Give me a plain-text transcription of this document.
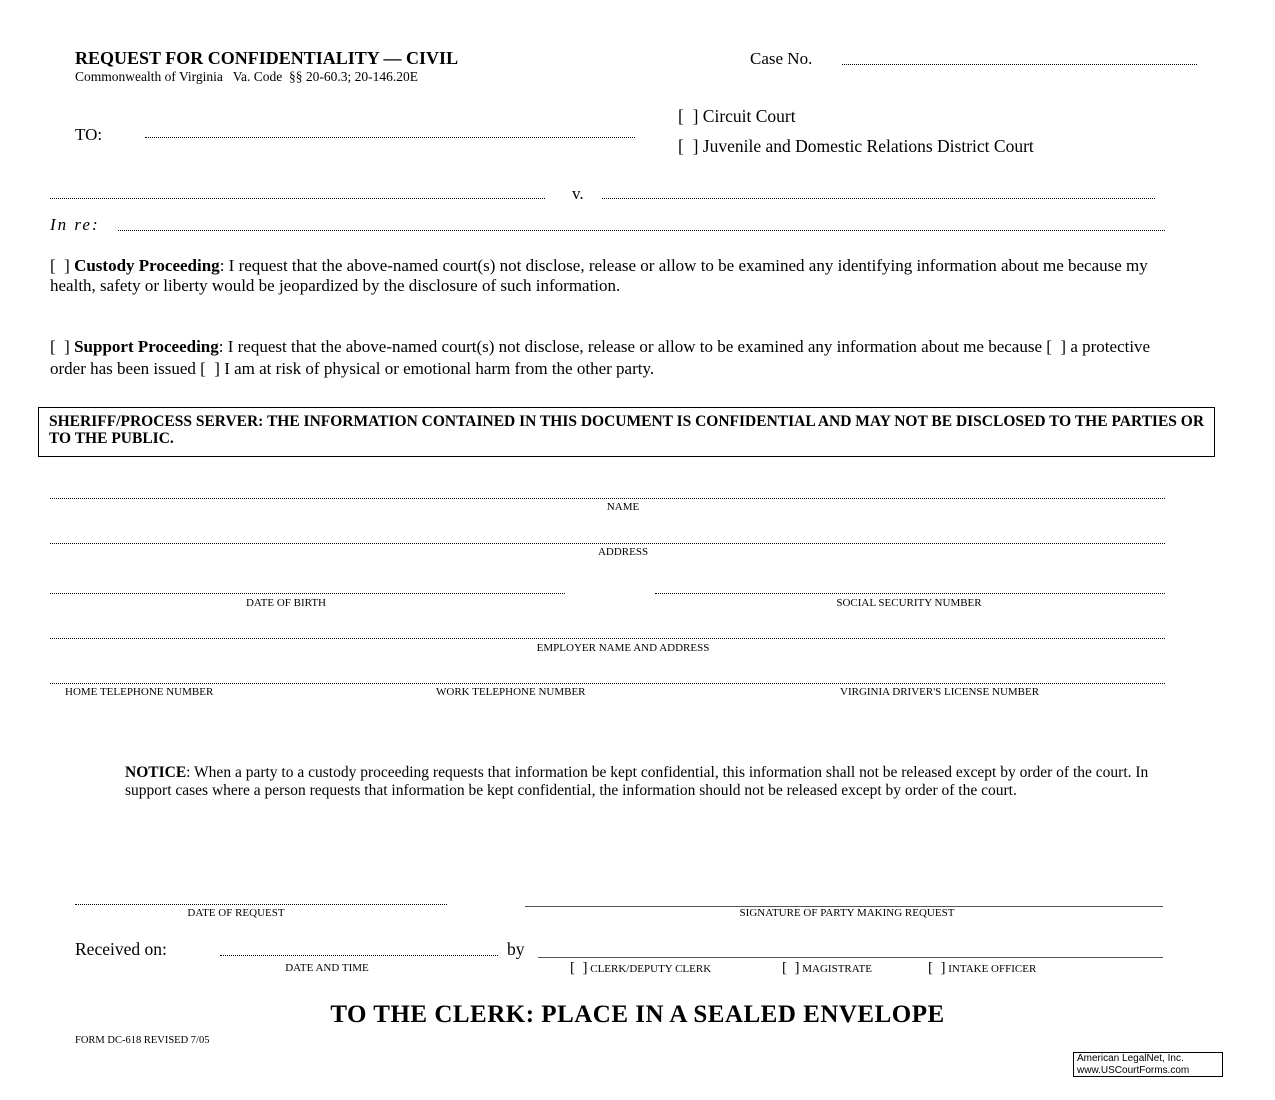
REQUEST FOR CONFIDENTIALITY — CIVIL
Commonwealth of Virginia   Va. Code  §§ 20-60.3; 20-146.20E
Case No.
TO:
[  ] Circuit Court
[  ] Juvenile and Domestic Relations District Court
v.
In re:
[  ] Custody Proceeding: I request that the above-named court(s) not disclose, release or allow to be examined any identifying information about me because my health, safety or liberty would be jeopardized by the disclosure of such information.
[  ] Support Proceeding: I request that the above-named court(s) not disclose, release or allow to be examined any information about me because [  ] a protective order has been issued [  ] I am at risk of physical or emotional harm from the other party.
SHERIFF/PROCESS SERVER: THE INFORMATION CONTAINED IN THIS DOCUMENT IS CONFIDENTIAL AND MAY NOT BE DISCLOSED TO THE PARTIES OR TO THE PUBLIC.
NAME
ADDRESS
DATE OF BIRTH	SOCIAL SECURITY NUMBER
EMPLOYER NAME AND ADDRESS
HOME TELEPHONE NUMBER	WORK TELEPHONE NUMBER	VIRGINIA DRIVER'S LICENSE NUMBER
NOTICE: When a party to a custody proceeding requests that information be kept confidential, this information shall not be released except by order of the court. In support cases where a person requests that information be kept confidential, the information should not be released except by order of the court.
DATE OF REQUEST	SIGNATURE OF PARTY MAKING REQUEST
Received on:	by
DATE AND TIME	[  ] CLERK/DEPUTY CLERK	[  ] MAGISTRATE	[  ] INTAKE OFFICER
TO THE CLERK: PLACE IN A SEALED ENVELOPE
FORM DC-618 REVISED 7/05
American LegalNet, Inc.
www.USCourtForms.com
